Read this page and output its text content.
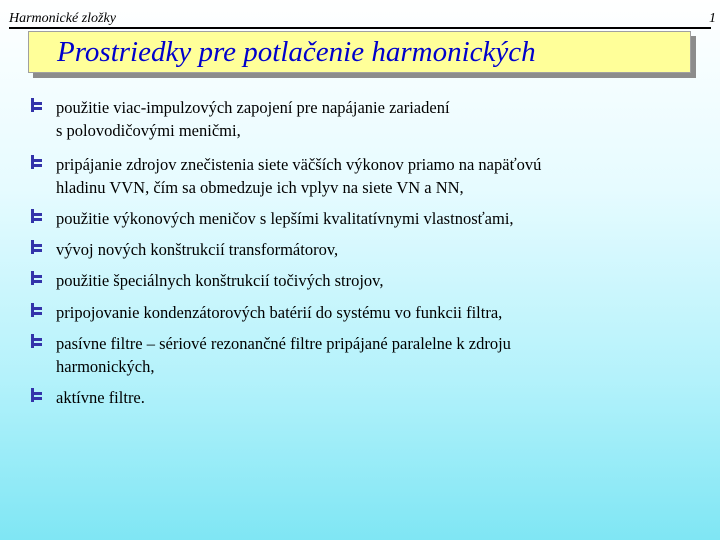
Harmonické zložky	1
Prostriedky pre potlačenie harmonických
použitie viac-impulzových zapojení pre napájanie zariadení
s polovodičovými meničmi,
pripájanie zdrojov znečistenia siete väčších výkonov priamo na napäťovú
hladinu VVN, čím sa obmedzuje ich vplyv na siete VN a NN,
použitie výkonových meničov s lepšími kvalitatívnymi vlastnosťami,
vývoj nových konštrukcií transformátorov,
použitie špeciálnych konštrukcií točivých strojov,
pripojovanie kondenzátorových batérií do systému vo funkcii filtra,
pasívne filtre – sériové rezonančné filtre pripájané paralelne k zdroju
harmonických,
aktívne filtre.
